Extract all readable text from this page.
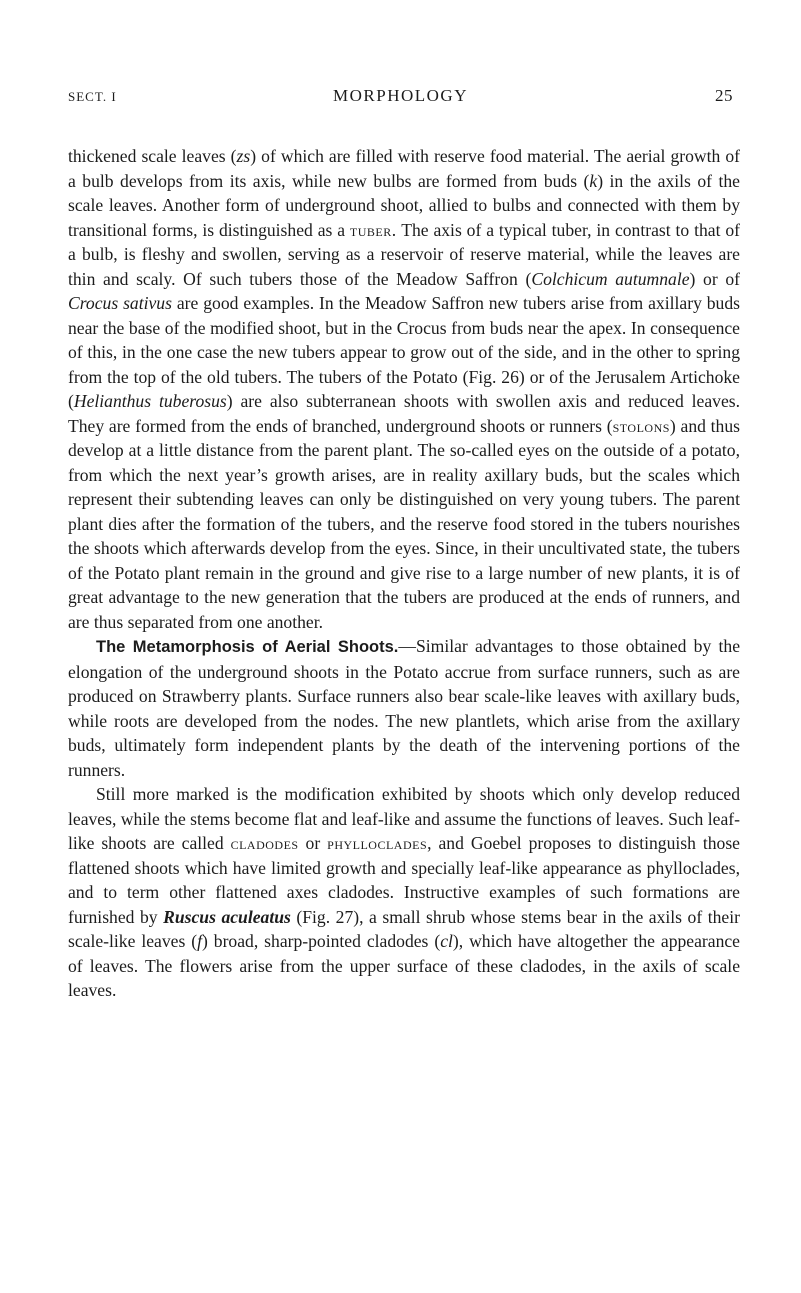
SECT. I	MORPHOLOGY	25

thickened scale leaves (zs) of which are filled with reserve food material. The aerial growth of a bulb develops from its axis, while new bulbs are formed from buds (k) in the axils of the scale leaves. Another form of underground shoot, allied to bulbs and connected with them by transitional forms, is distinguished as a tuber. The axis of a typical tuber, in contrast to that of a bulb, is fleshy and swollen, serving as a reservoir of reserve material, while the leaves are thin and scaly. Of such tubers those of the Meadow Saffron (Colchicum autumnale) or of Crocus sativus are good examples. In the Meadow Saffron new tubers arise from axillary buds near the base of the modified shoot, but in the Crocus from buds near the apex. In consequence of this, in the one case the new tubers appear to grow out of the side, and in the other to spring from the top of the old tubers. The tubers of the Potato (Fig. 26) or of the Jerusalem Artichoke (Helianthus tuberosus) are also subterranean shoots with swollen axis and reduced leaves. They are formed from the ends of branched, underground shoots or runners (stolons) and thus develop at a little distance from the parent plant. The so-called eyes on the outside of a potato, from which the next year’s growth arises, are in reality axillary buds, but the scales which represent their subtending leaves can only be distinguished on very young tubers. The parent plant dies after the formation of the tubers, and the reserve food stored in the tubers nourishes the shoots which afterwards develop from the eyes. Since, in their uncultivated state, the tubers of the Potato plant remain in the ground and give rise to a large number of new plants, it is of great advantage to the new generation that the tubers are produced at the ends of runners, and are thus separated from one another.

The Metamorphosis of Aerial Shoots.—Similar advantages to those obtained by the elongation of the underground shoots in the Potato accrue from surface runners, such as are produced on Strawberry plants. Surface runners also bear scale-like leaves with axillary buds, while roots are developed from the nodes. The new plantlets, which arise from the axillary buds, ultimately form independent plants by the death of the intervening portions of the runners.

Still more marked is the modification exhibited by shoots which only develop reduced leaves, while the stems become flat and leaf-like and assume the functions of leaves. Such leaf-like shoots are called cladodes or phylloclades, and Goebel proposes to distinguish those flattened shoots which have limited growth and specially leaf-like appearance as phylloclades, and to term other flattened axes cladodes. Instructive examples of such formations are furnished by Ruscus aculeatus (Fig. 27), a small shrub whose stems bear in the axils of their scale-like leaves (f) broad, sharp-pointed cladodes (cl), which have altogether the appearance of leaves. The flowers arise from the upper surface of these cladodes, in the axils of scale leaves.
